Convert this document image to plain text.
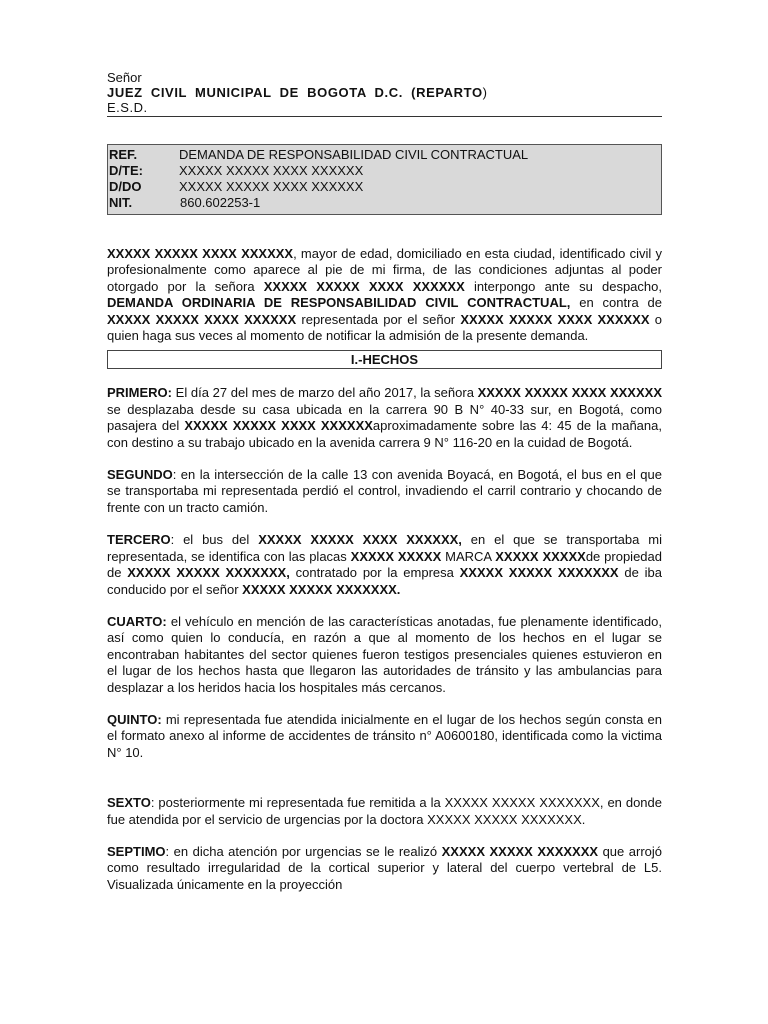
Señor
JUEZ CIVIL MUNICIPAL DE BOGOTA D.C. (REPARTO)
E.S.D.
REF.	DEMANDA DE RESPONSABILIDAD CIVIL CONTRACTUAL
D/TE:	XXXXX XXXXX XXXX XXXXXX
D/DO	XXXXX XXXXX XXXX XXXXXX
NIT.	860.602253-1

XXXXX XXXXX XXXX XXXXXX, mayor de edad, domiciliado en esta ciudad, identificado civil y profesionalmente como aparece al pie de mi firma, de las condiciones adjuntas al poder otorgado por la señora XXXXX XXXXX XXXX XXXXXX interpongo ante su despacho, DEMANDA ORDINARIA DE RESPONSABILIDAD CIVIL CONTRACTUAL, en contra de XXXXX XXXXX XXXX XXXXXX representada por el señor XXXXX XXXXX XXXX XXXXXX o quien haga sus veces al momento de notificar la admisión de la presente demanda.

I.-HECHOS

PRIMERO: El día 27 del mes de marzo del año 2017, la señora XXXXX XXXXX XXXX XXXXXX se desplazaba desde su casa ubicada en la carrera 90 B N° 40-33 sur, en Bogotá, como pasajera del XXXXX XXXXX XXXX XXXXXXaproximadamente sobre las 4: 45 de la mañana, con destino a su trabajo ubicado en la avenida carrera 9 N° 116-20 en la cuidad de Bogotá.

SEGUNDO: en la intersección de la calle 13 con avenida Boyacá, en Bogotá, el bus en el que se transportaba mi representada perdió el control, invadiendo el carril contrario y chocando de frente con un tracto camión.

TERCERO: el bus del XXXXX XXXXX XXXX XXXXXX, en el que se transportaba mi representada, se identifica con las placas XXXXX XXXXX MARCA XXXXX XXXXXde propiedad de XXXXX XXXXX XXXXXXX, contratado por la empresa XXXXX XXXXX XXXXXXX de iba conducido por el señor XXXXX XXXXX XXXXXXX.

CUARTO: el vehículo en mención de las características anotadas, fue plenamente identificado, así como quien lo conducía, en razón a que al momento de los hechos en el lugar se encontraban habitantes del sector quienes fueron testigos presenciales quienes estuvieron en el lugar de los hechos hasta que llegaron las autoridades de tránsito y las ambulancias para desplazar a los heridos hacia los hospitales más cercanos.

QUINTO: mi representada fue atendida inicialmente en el lugar de los hechos según consta en el formato anexo al informe de accidentes de tránsito n° A0600180, identificada como la victima N° 10.

SEXTO: posteriormente mi representada fue remitida a la XXXXX XXXXX XXXXXXX, en donde fue atendida por el servicio de urgencias por la doctora XXXXX XXXXX XXXXXXX.

SEPTIMO: en dicha atención por urgencias se le realizó XXXXX XXXXX XXXXXXX que arrojó como resultado irregularidad de la cortical superior y lateral del cuerpo vertebral de L5. Visualizada únicamente en la proyección
